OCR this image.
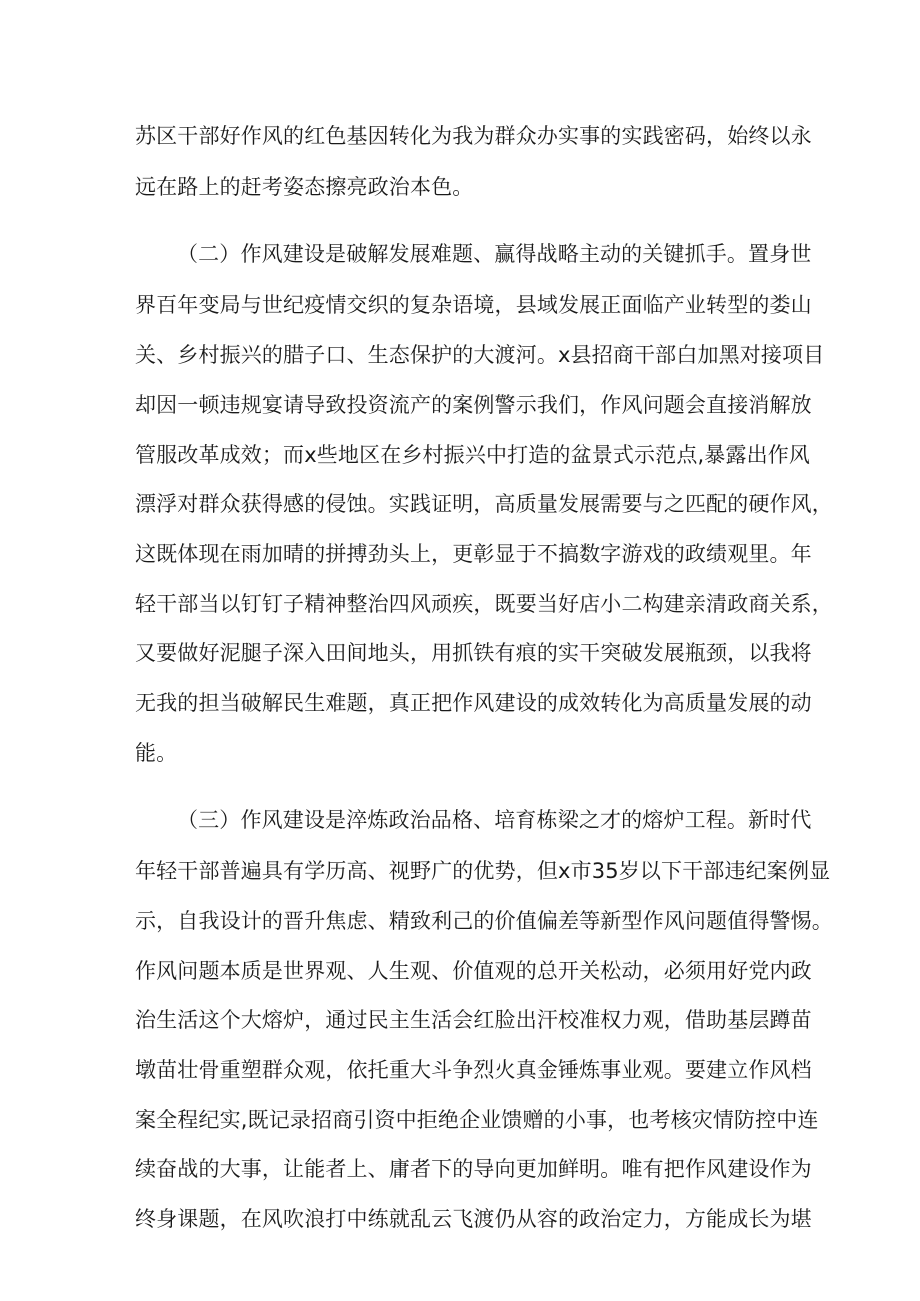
苏区干部好作风的红色基因转化为我为群众办实事的实践密码，始终以永
远在路上的赶考姿态擦亮政治本色。
（二）作风建设是破解发展难题、赢得战略主动的关键抓手。置身世
界百年变局与世纪疫情交织的复杂语境，县域发展正面临产业转型的娄山
关、乡村振兴的腊子口、生态保护的大渡河。x县招商干部白加黑对接项目
却因一顿违规宴请导致投资流产的案例警示我们，作风问题会直接消解放
管服改革成效；而x些地区在乡村振兴中打造的盆景式示范点,暴露出作风
漂浮对群众获得感的侵蚀。实践证明，高质量发展需要与之匹配的硬作风，
这既体现在雨加晴的拼搏劲头上，更彰显于不搞数字游戏的政绩观里。年
轻干部当以钉钉子精神整治四风顽疾，既要当好店小二构建亲清政商关系，
又要做好泥腿子深入田间地头，用抓铁有痕的实干突破发展瓶颈，以我将
无我的担当破解民生难题，真正把作风建设的成效转化为高质量发展的动
能。
（三）作风建设是淬炼政治品格、培育栋梁之才的熔炉工程。新时代
年轻干部普遍具有学历高、视野广的优势，但x市35岁以下干部违纪案例显
示，自我设计的晋升焦虑、精致利己的价值偏差等新型作风问题值得警惕。
作风问题本质是世界观、人生观、价值观的总开关松动，必须用好党内政
治生活这个大熔炉，通过民主生活会红脸出汗校准权力观，借助基层蹲苗
墩苗壮骨重塑群众观，依托重大斗争烈火真金锤炼事业观。要建立作风档
案全程纪实,既记录招商引资中拒绝企业馈赠的小事，也考核灾情防控中连
续奋战的大事，让能者上、庸者下的导向更加鲜明。唯有把作风建设作为
终身课题，在风吹浪打中练就乱云飞渡仍从容的政治定力，方能成长为堪
